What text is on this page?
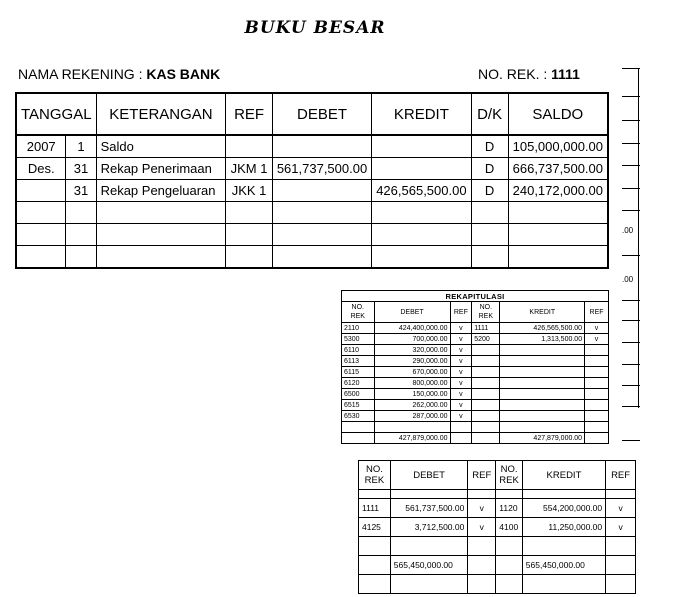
BUKU BESAR
NAMA REKENING : KAS BANK	NO. REK. : 1111
TANGGAL		KETERANGAN	REF	DEBET	KREDIT	D/K	SALDO
2007	1	Saldo				D	105,000,000.00
Des.	31	Rekap Penerimaan	JKM 1	561,737,500.00		D	666,737,500.00
	31	Rekap Pengeluaran	JKK 1		426,565,500.00	D	240,172,000.00

.00
.00
REKAPITULASI					
NO. REK	DEBET	REF	NO. REK	KREDIT	REF
2110	424,400,000.00	v	1111	426,565,500.00	v
5300	700,000.00	v	5200	1,313,500.00	v
6110	320,000.00	v			
6113	290,000.00	v			
6115	670,000.00	v			
6120	800,000.00	v			
6500	150,000.00	v			
6515	262,000.00	v			
6530	287,000.00	v			

	427,879,000.00			427,879,000.00	
NO. REK	DEBET	REF	NO. REK	KREDIT	REF

1111	561,737,500.00	v	1120	554,200,000.00	v
4125	3,712,500.00	v	4100	11,250,000.00	v

	565,450,000.00			565,450,000.00	
